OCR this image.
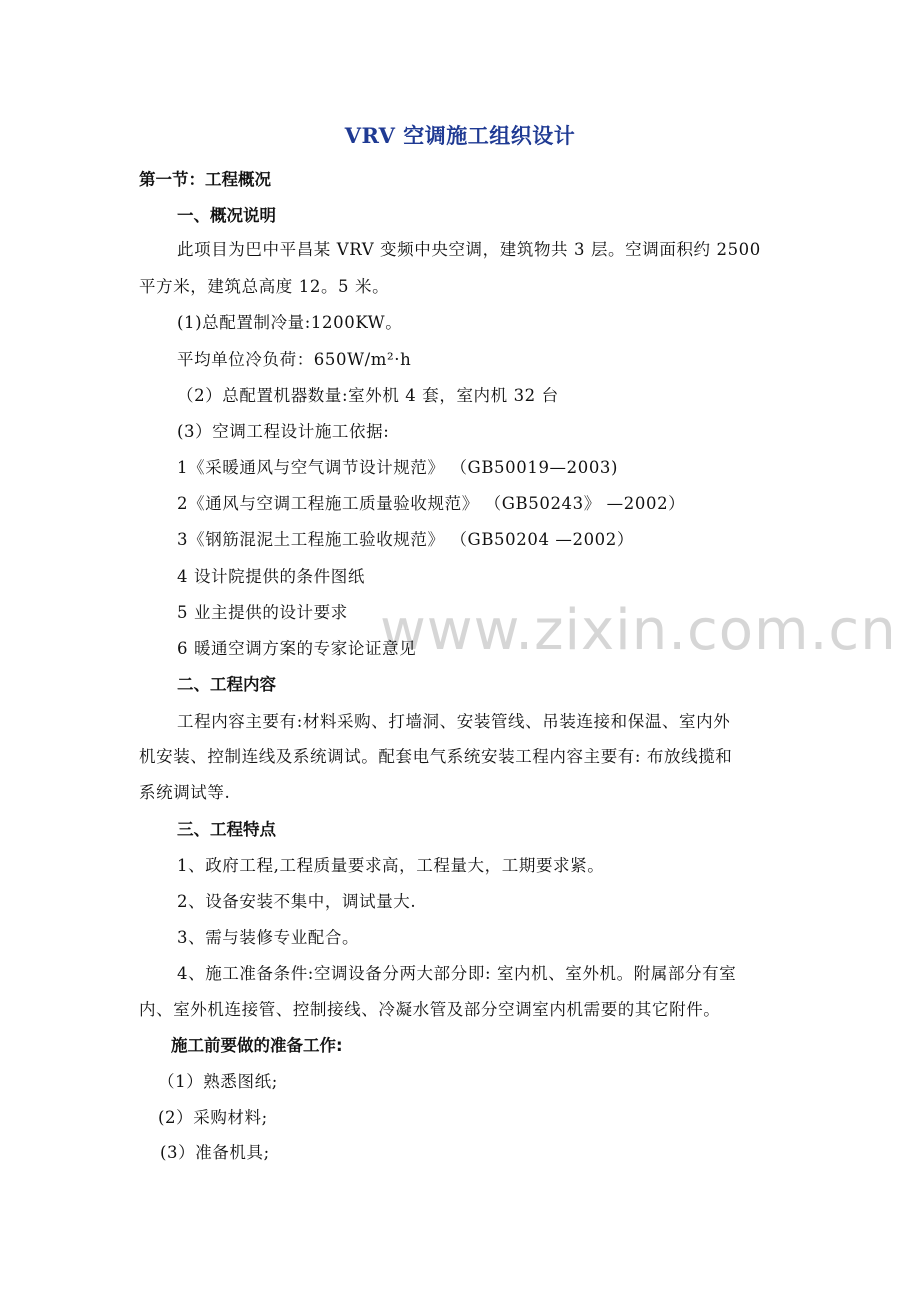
www.zixin.com.cn
VRV 空调施工组织设计
第一节：工程概况
一、概况说明
此项目为巴中平昌某 VRV 变频中央空调，建筑物共 3 层。空调面积约 2500
平方米，建筑总高度 12。5 米。
(1)总配置制冷量:1200KW。
平均单位冷负荷：650W/m²·h
（2）总配置机器数量:室外机 4 套，室内机 32 台
(3）空调工程设计施工依据:
1《采暖通风与空气调节设计规范》 （GB50019—2003)
2《通风与空调工程施工质量验收规范》 （GB50243》 —2002）
3《钢筋混泥土工程施工验收规范》 （GB50204 —2002）
4 设计院提供的条件图纸
5 业主提供的设计要求
6 暖通空调方案的专家论证意见
二、工程内容
工程内容主要有:材料采购、打墙洞、安装管线、吊装连接和保温、室内外
机安装、控制连线及系统调试。配套电气系统安装工程内容主要有: 布放线揽和
系统调试等.
三、工程特点
1、政府工程,工程质量要求高，工程量大，工期要求紧。
2、设备安装不集中，调试量大.
3、需与装修专业配合。
4、施工准备条件:空调设备分两大部分即: 室内机、室外机。附属部分有室
内、室外机连接管、控制接线、冷凝水管及部分空调室内机需要的其它附件。
施工前要做的准备工作:
（1）熟悉图纸;
(2）采购材料;
(3）准备机具;
